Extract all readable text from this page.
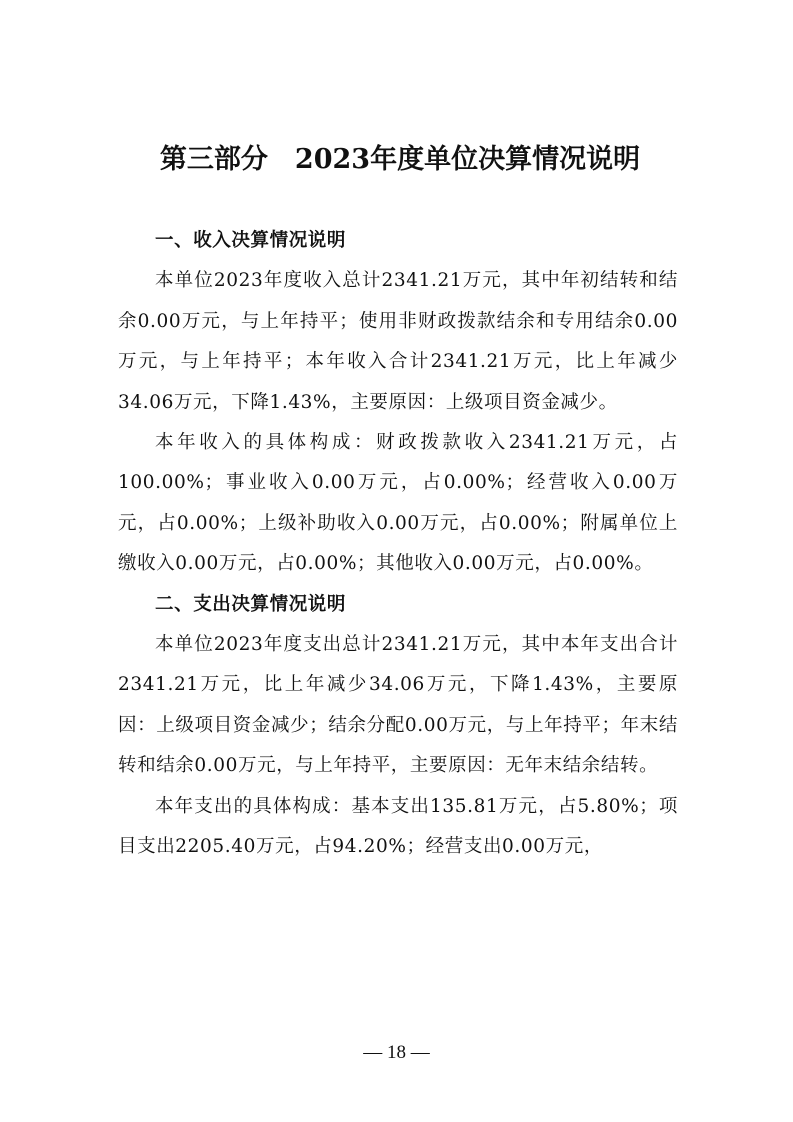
第三部分　2023年度单位决算情况说明
一、收入决算情况说明

本单位2023年度收入总计2341.21万元，其中年初结转和结余0.00万元，与上年持平；使用非财政拨款结余和专用结余0.00万元，与上年持平；本年收入合计2341.21万元，比上年减少34.06万元，下降1.43%，主要原因：上级项目资金减少。

本年收入的具体构成：财政拨款收入2341.21万元，占100.00%；事业收入0.00万元，占0.00%；经营收入0.00万元，占0.00%；上级补助收入0.00万元，占0.00%；附属单位上缴收入0.00万元，占0.00%；其他收入0.00万元，占0.00%。

二、支出决算情况说明

本单位2023年度支出总计2341.21万元，其中本年支出合计2341.21万元，比上年减少34.06万元，下降1.43%，主要原因：上级项目资金减少；结余分配0.00万元，与上年持平；年末结转和结余0.00万元，与上年持平，主要原因：无年末结余结转。

本年支出的具体构成：基本支出135.81万元，占5.80%；项目支出2205.40万元，占94.20%；经营支出0.00万元，

— 18 —
